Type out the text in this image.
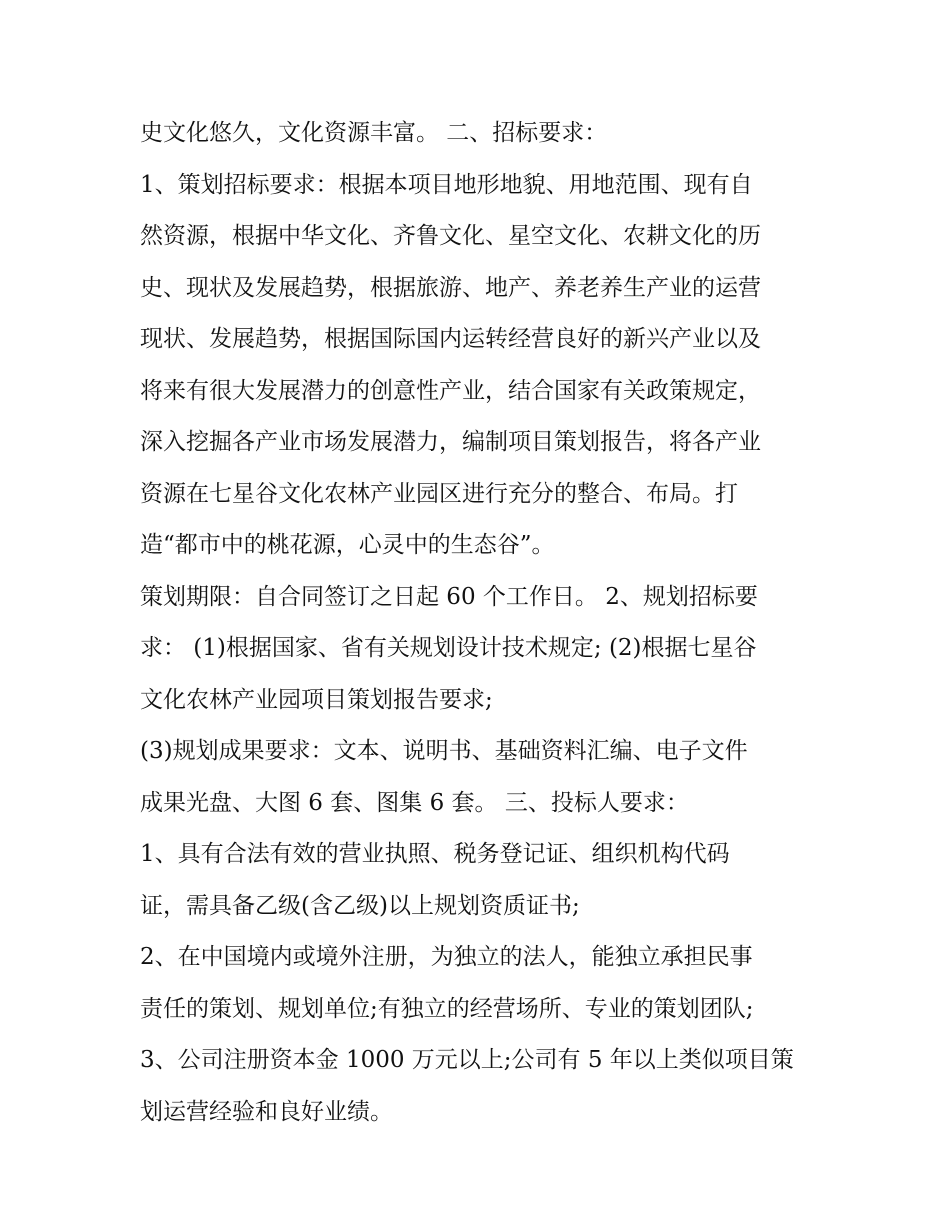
史文化悠久，文化资源丰富。 二、招标要求：
1、策划招标要求：根据本项目地形地貌、用地范围、现有自
然资源，根据中华文化、齐鲁文化、星空文化、农耕文化的历
史、现状及发展趋势，根据旅游、地产、养老养生产业的运营
现状、发展趋势，根据国际国内运转经营良好的新兴产业以及
将来有很大发展潜力的创意性产业，结合国家有关政策规定，
深入挖掘各产业市场发展潜力，编制项目策划报告，将各产业
资源在七星谷文化农林产业园区进行充分的整合、布局。打
造“都市中的桃花源，心灵中的生态谷”。
策划期限：自合同签订之日起 60 个工作日。 2、规划招标要
求： (1)根据国家、省有关规划设计技术规定; (2)根据七星谷
文化农林产业园项目策划报告要求;
(3)规划成果要求：文本、说明书、基础资料汇编、电子文件
成果光盘、大图 6 套、图集 6 套。 三、投标人要求：
1、具有合法有效的营业执照、税务登记证、组织机构代码
证，需具备乙级(含乙级)以上规划资质证书;
2、在中国境内或境外注册，为独立的法人，能独立承担民事
责任的策划、规划单位;有独立的经营场所、专业的策划团队;
3、公司注册资本金 1000 万元以上;公司有 5 年以上类似项目策
划运营经验和良好业绩。
